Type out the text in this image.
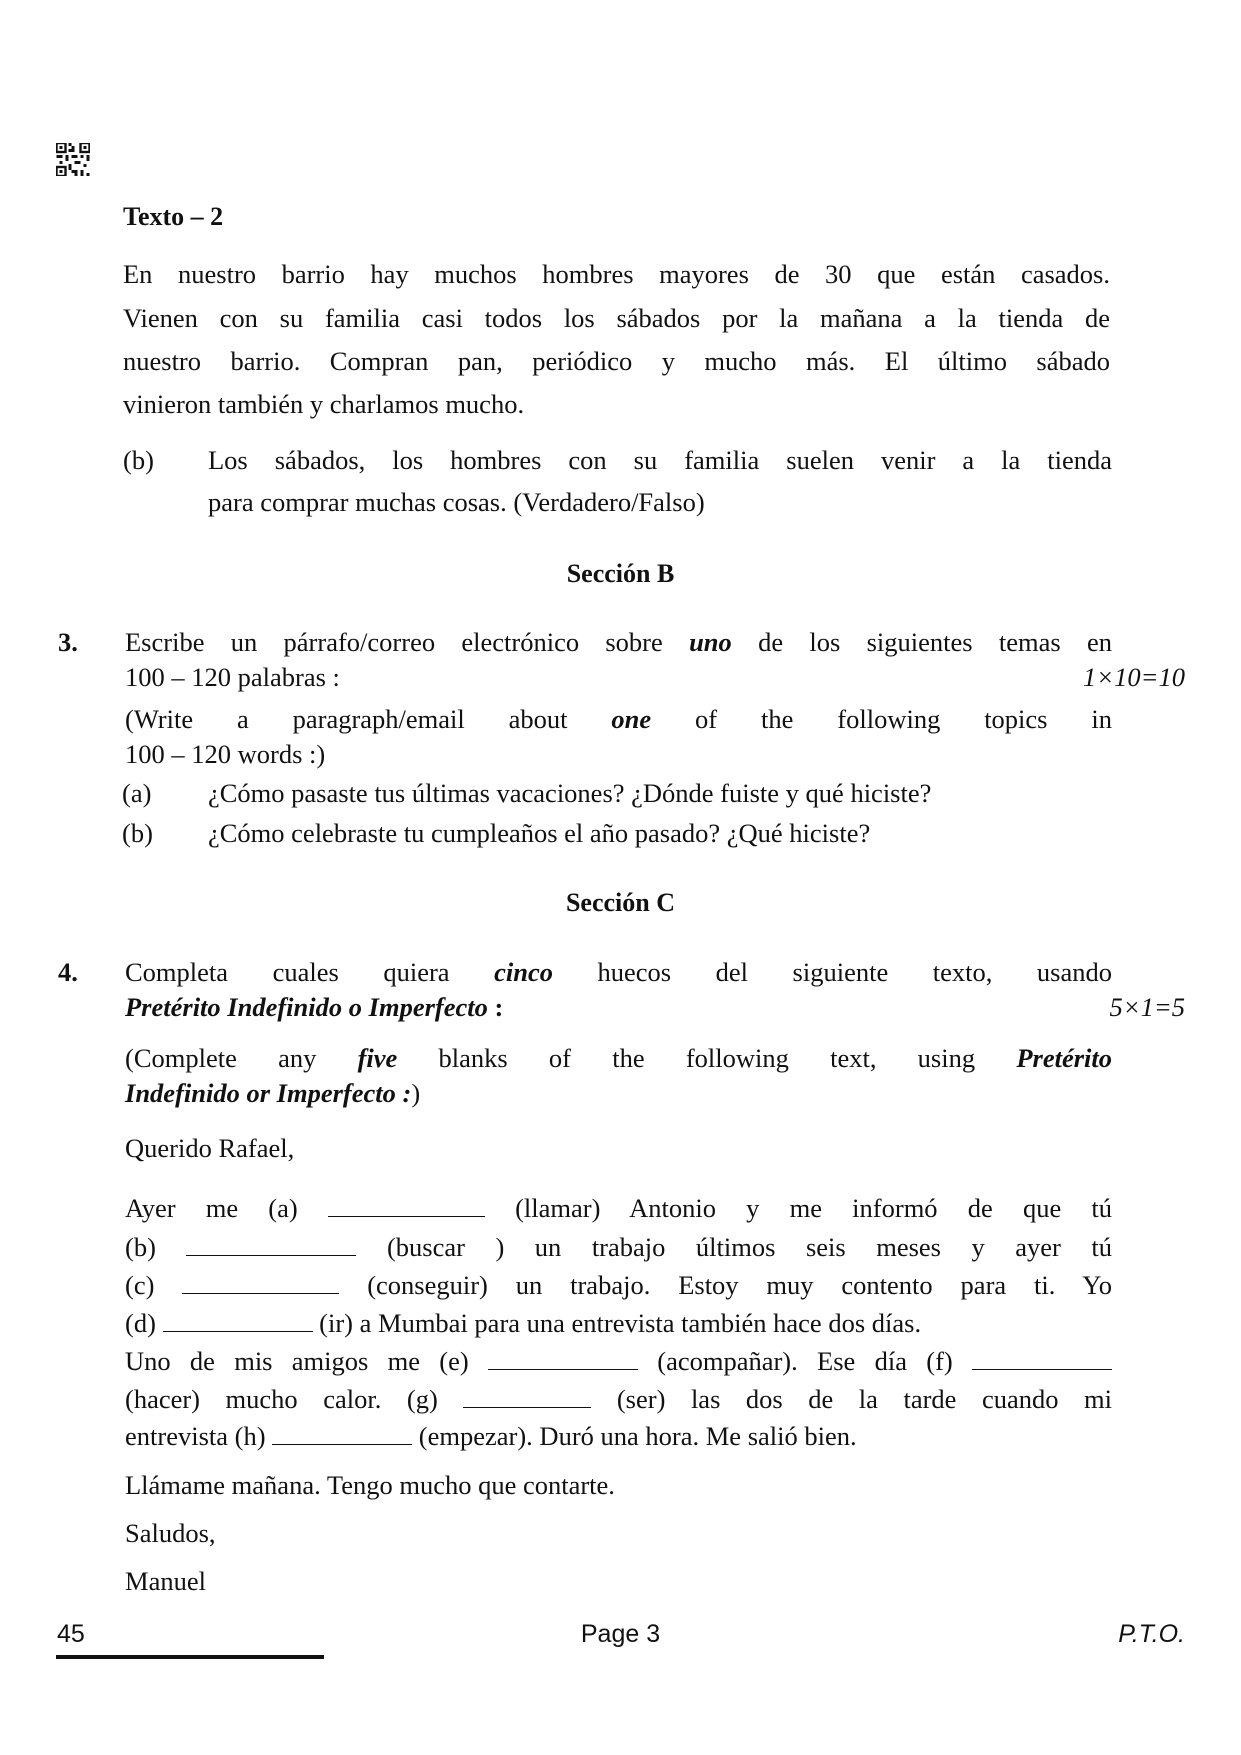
Texto – 2
En nuestro barrio hay muchos hombres mayores de 30 que están casados.
Vienen con su familia casi todos los sábados por la mañana a la tienda de
nuestro barrio. Compran pan, periódico y mucho más. El último sábado
vinieron también y charlamos mucho.
(b) Los sábados, los hombres con su familia suelen venir a la tienda
para comprar muchas cosas. (Verdadero/Falso)
Sección B
3. Escribe un párrafo/correo electrónico sobre uno de los siguientes temas en
100 – 120 palabras :	1×10=10
(Write a paragraph/email about one of the following topics in
100 – 120 words :)
(a) ¿Cómo pasaste tus últimas vacaciones? ¿Dónde fuiste y qué hiciste?
(b) ¿Cómo celebraste tu cumpleaños el año pasado? ¿Qué hiciste?
Sección C
4. Completa cuales quiera cinco huecos del siguiente texto, usando
Pretérito Indefinido o Imperfecto :	5×1=5
(Complete any five blanks of the following text, using Pretérito
Indefinido or Imperfecto :)
Querido Rafael,
Ayer me (a)	(llamar) Antonio y me informó de que tú
(b)	(buscar ) un trabajo últimos seis meses y ayer tú
(c)	(conseguir) un trabajo. Estoy muy contento para ti. Yo
(d)	(ir) a Mumbai para una entrevista también hace dos días.
Uno de mis amigos me (e)	(acompañar). Ese día (f)
(hacer) mucho calor. (g)	(ser) las dos de la tarde cuando mi
entrevista (h)	(empezar). Duró una hora. Me salió bien.
Llámame mañana. Tengo mucho que contarte.
Saludos,
Manuel
45	Page 3	P.T.O.
